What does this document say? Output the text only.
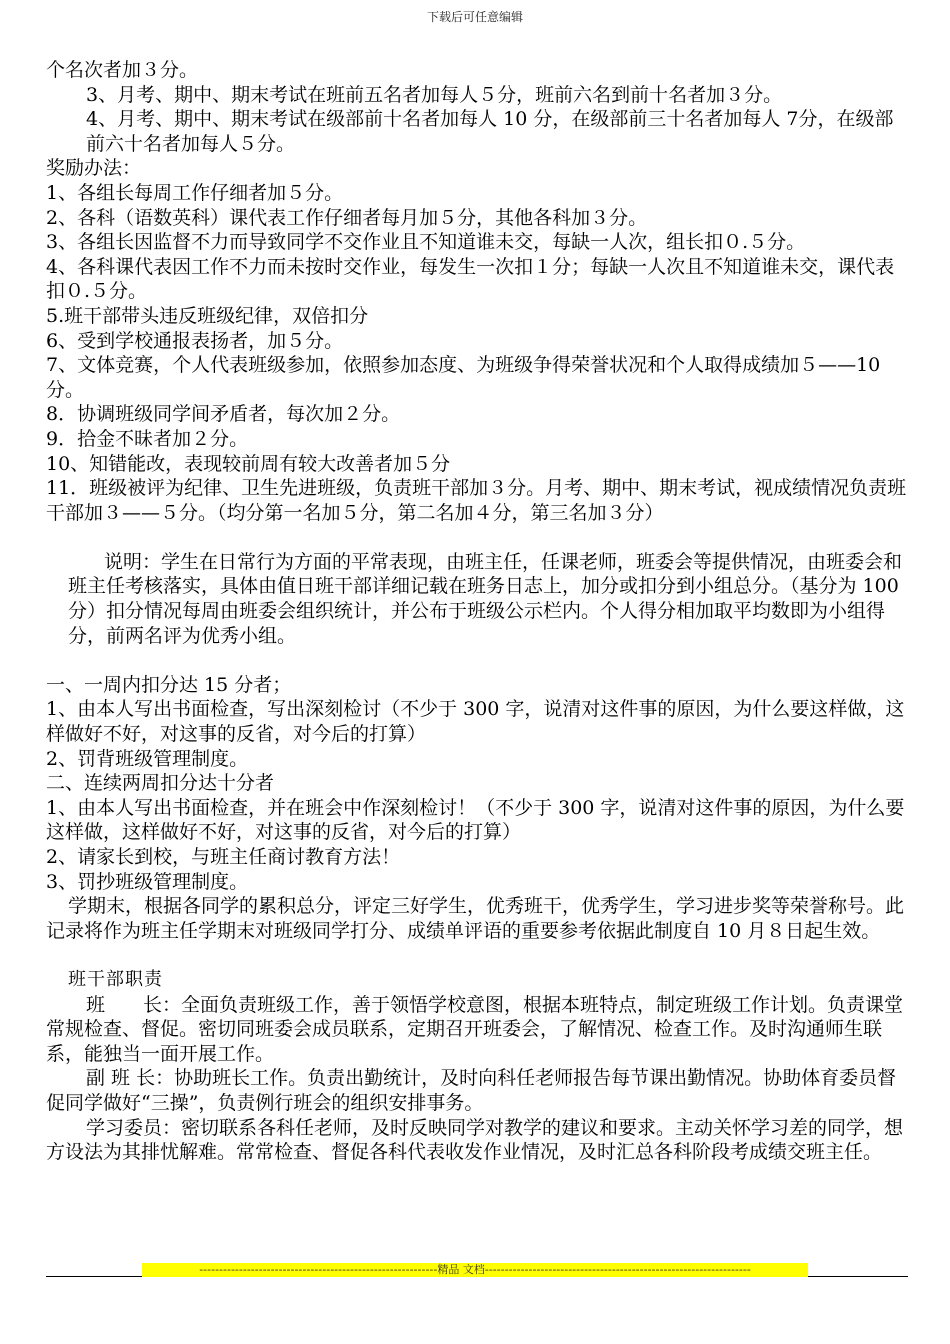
下载后可任意编辑

个名次者加３分。

3、月考、期中、期末考试在班前五名者加每人５分，班前六名到前十名者加３分。

4、月考、期中、期末考试在级部前十名者加每人 10 分，在级部前三十名者加每人 7分，在级部前六十名者加每人５分。

奖励办法：

1、各组长每周工作仔细者加５分。

2、各科（语数英科）课代表工作仔细者每月加５分，其他各科加３分。

3、各组长因监督不力而导致同学不交作业且不知道谁未交，每缺一人次，组长扣０.５分。

4、各科课代表因工作不力而未按时交作业，每发生一次扣１分；每缺一人次且不知道谁未交，课代表扣０.５分。

5.班干部带头违反班级纪律，双倍扣分

6、受到学校通报表扬者，加５分。

7、文体竞赛，个人代表班级参加，依照参加态度、为班级争得荣誉状况和个人取得成绩加５——10 分。

8．协调班级同学间矛盾者，每次加２分。

9．拾金不昧者加２分。

10、知错能改，表现较前周有较大改善者加５分

11．班级被评为纪律、卫生先进班级，负责班干部加３分。月考、期中、期末考试，视成绩情况负责班干部加３——５分。（均分第一名加５分，第二名加４分，第三名加３分）

说明：学生在日常行为方面的平常表现，由班主任，任课老师，班委会等提供情况，由班委会和班主任考核落实，具体由值日班干部详细记载在班务日志上，加分或扣分到小组总分。（基分为 100 分）扣分情况每周由班委会组织统计，并公布于班级公示栏内。个人得分相加取平均数即为小组得分，前两名评为优秀小组。

一、一周内扣分达 15 分者；

1、由本人写出书面检查，写出深刻检讨（不少于 300 字，说清对这件事的原因，为什么要这样做，这样做好不好，对这事的反省，对今后的打算）

2、罚背班级管理制度。

二、连续两周扣分达十分者

1、由本人写出书面检查，并在班会中作深刻检讨！（不少于 300 字，说清对这件事的原因，为什么要这样做，这样做好不好，对这事的反省，对今后的打算）

2、请家长到校，与班主任商讨教育方法！

3、罚抄班级管理制度。

学期末，根据各同学的累积总分，评定三好学生，优秀班干，优秀学生，学习进步奖等荣誉称号。此记录将作为班主任学期末对班级同学打分、成绩单评语的重要参考依据此制度自 10 月８日起生效。

班干部职责

班　　长：全面负责班级工作，善于领悟学校意图，根据本班特点，制定班级工作计划。负责课堂常规检查、督促。密切同班委会成员联系，定期召开班委会，了解情况、检查工作。及时沟通师生联系，能独当一面开展工作。

副 班 长：协助班长工作。负责出勤统计，及时向科任老师报告每节课出勤情况。协助体育委员督促同学做好“三操”，负责例行班会的组织安排事务。

学习委员：密切联系各科任老师，及时反映同学对教学的建议和要求。主动关怀学习差的同学，想方设法为其排忧解难。常常检查、督促各科代表收发作业情况，及时汇总各科阶段考成绩交班主任。

------------------------------------------------------------精品 文档-------------------------------------------------------------------
